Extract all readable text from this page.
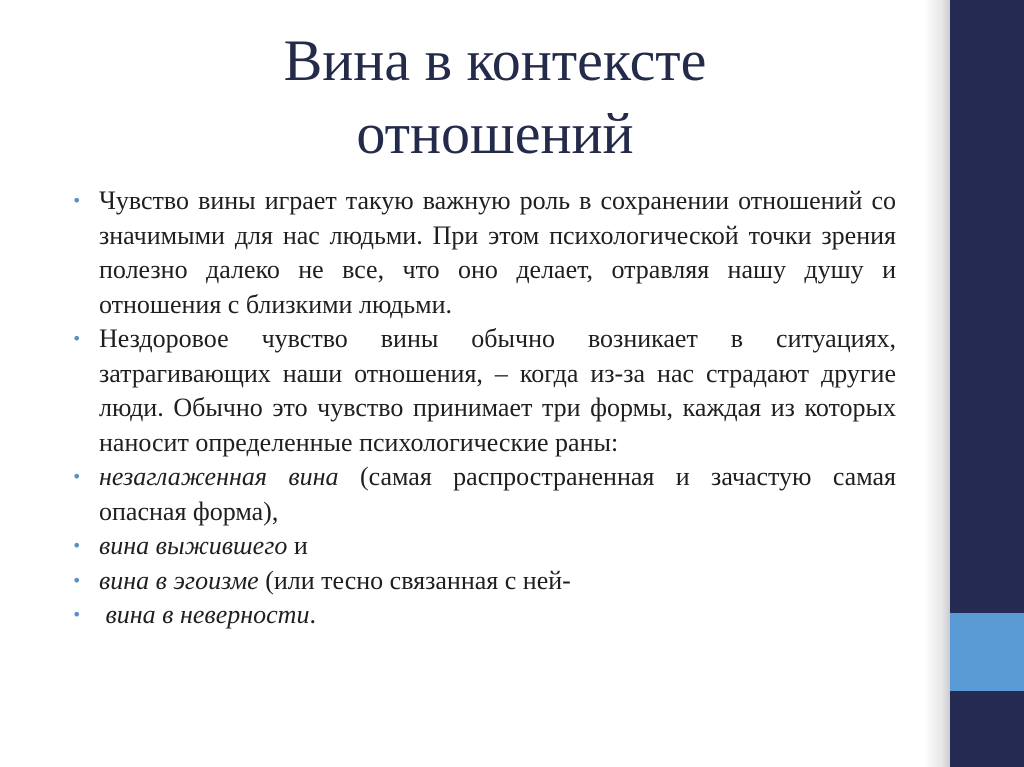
Вина в контексте отношений
• Чувство вины играет такую важную роль в сохранении отношений со значимыми для нас людьми. При этом психологической точки зрения полезно далеко не все, что оно делает, отравляя нашу душу и отношения с близкими людьми.
• Нездоровое чувство вины обычно возникает в ситуациях, затрагивающих наши отношения, – когда из-за нас страдают другие люди. Обычно это чувство принимает три формы, каждая из которых наносит определенные психологические раны:
• незаглаженная вина (самая распространенная и зачастую самая опасная форма),
• вина выжившего и
• вина в эгоизме (или тесно связанная с ней-
• вина в неверности.
